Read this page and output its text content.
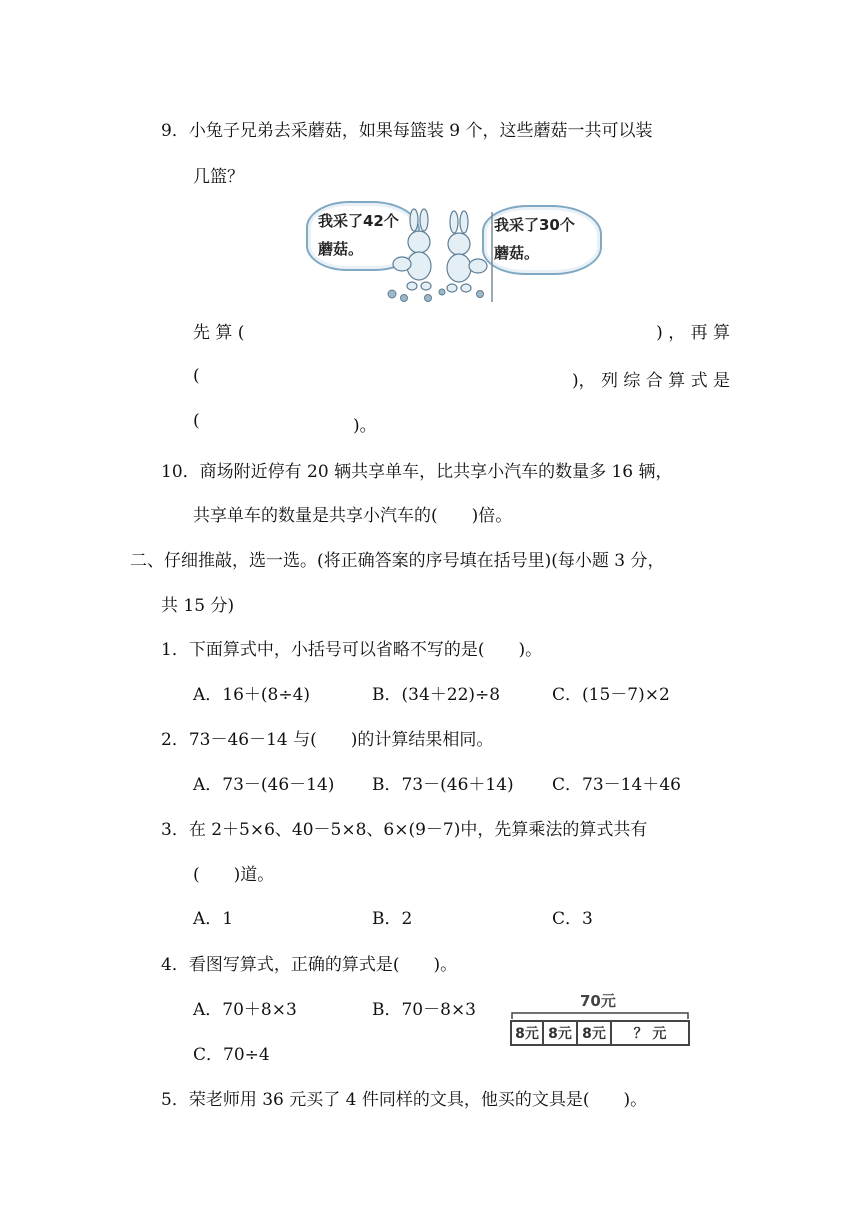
9．小兔子兄弟去采蘑菇，如果每篮装 9 个，这些蘑菇一共可以装
几篮？
我采了42个
蘑菇。
我采了30个
蘑菇。
先 算 (	) ， 再 算
(	)， 列 综 合 算 式 是
(	)。
10．商场附近停有 20 辆共享单车，比共享小汽车的数量多 16 辆，
共享单车的数量是共享小汽车的(　　)倍。
二、仔细推敲，选一选。(将正确答案的序号填在括号里)(每小题 3 分，
共 15 分)
1．下面算式中，小括号可以省略不写的是(　　)。
A．16＋(8÷4)	B．(34＋22)÷8	C．(15－7)×2
2．73－46－14 与(　　)的计算结果相同。
A．73－(46－14) B．73－(46＋14) C．73－14＋46
3．在 2＋5×6、40－5×8、6×(9－7)中，先算乘法的算式共有
(　　)道。
A．1	B．2	C．3
4．看图写算式，正确的算式是(　　)。
A．70＋8×3	B．70－8×3
C．70÷4
70元
8元 8元 8元	？ 元
5．荣老师用 36 元买了 4 件同样的文具，他买的文具是(　　)。
